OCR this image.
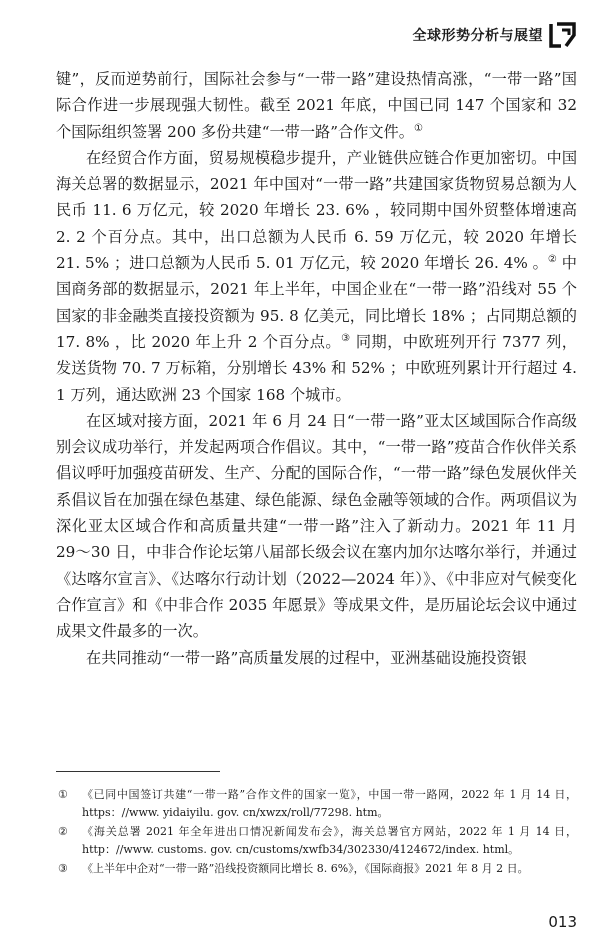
全球形势分析与展望

键”，反而逆势前行，国际社会参与“一带一路”建设热情高涨，“一带一路”国际合作进一步展现强大韧性。截至 2021 年底，中国已同 147 个国家和 32 个国际组织签署 200 多份共建“一带一路”合作文件。①

在经贸合作方面，贸易规模稳步提升，产业链供应链合作更加密切。中国海关总署的数据显示，2021 年中国对“一带一路”共建国家货物贸易总额为人民币 11. 6 万亿元，较 2020 年增长 23. 6% ，较同期中国外贸整体增速高 2. 2 个百分点。其中，出口总额为人民币 6. 59 万亿元，较 2020 年增长 21. 5% ；进口总额为人民币 5. 01 万亿元，较 2020 年增长 26. 4% 。② 中国商务部的数据显示，2021 年上半年，中国企业在“一带一路”沿线对 55 个国家的非金融类直接投资额为 95. 8 亿美元，同比增长 18% ；占同期总额的 17. 8% ，比 2020 年上升 2 个百分点。③ 同期，中欧班列开行 7377 列，发送货物 70. 7 万标箱，分别增长 43% 和 52% ；中欧班列累计开行超过 4. 1 万列，通达欧洲 23 个国家 168 个城市。

在区域对接方面，2021 年 6 月 24 日“一带一路”亚太区域国际合作高级别会议成功举行，并发起两项合作倡议。其中，“一带一路”疫苗合作伙伴关系倡议呼吁加强疫苗研发、生产、分配的国际合作，“一带一路”绿色发展伙伴关系倡议旨在加强在绿色基建、绿色能源、绿色金融等领域的合作。两项倡议为深化亚太区域合作和高质量共建“一带一路”注入了新动力。2021 年 11 月 29～30 日，中非合作论坛第八届部长级会议在塞内加尔达喀尔举行，并通过《达喀尔宣言》、《达喀尔行动计划（2022—2024 年）》、《中非应对气候变化合作宣言》和《中非合作 2035 年愿景》等成果文件，是历届论坛会议中通过成果文件最多的一次。

在共同推动“一带一路”高质量发展的过程中，亚洲基础设施投资银

①	《已同中国签订共建“一带一路”合作文件的国家一览》，中国一带一路网，2022 年 1 月 14 日，https：//www. yidaiyilu. gov. cn/xwzx/roll/77298. htm。
②	《海关总署 2021 年全年进出口情况新闻发布会》，海关总署官方网站，2022 年 1 月 14 日，http：//www. customs. gov. cn/customs/xwfb34/302330/4124672/index. html。
③	《上半年中企对“一带一路”沿线投资额同比增长 8. 6%》，《国际商报》2021 年 8 月 2 日。
013
